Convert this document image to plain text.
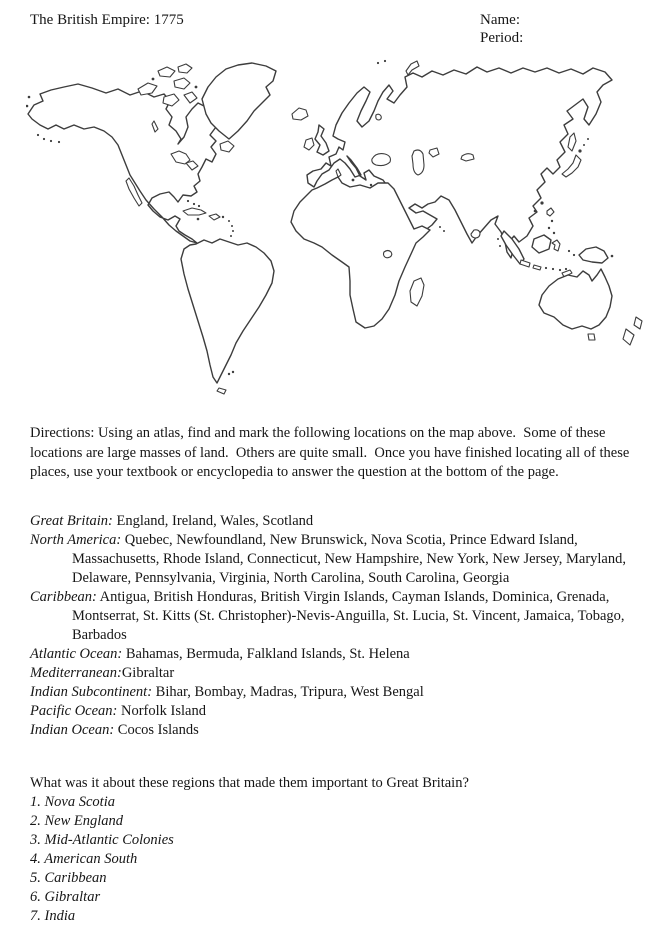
The British Empire: 1775	Name:
Period:
Directions: Using an atlas, find and mark the following locations on the map above.  Some of these locations are large masses of land.  Others are quite small.  Once you have finished locating all of these places, use your textbook or encyclopedia to answer the question at the bottom of the page.
Great Britain: England, Ireland, Wales, Scotland
North America: Quebec, Newfoundland, New Brunswick, Nova Scotia, Prince Edward Island, Massachusetts, Rhode Island, Connecticut, New Hampshire, New York, New Jersey, Maryland, Delaware, Pennsylvania, Virginia, North Carolina, South Carolina, Georgia
Caribbean: Antigua, British Honduras, British Virgin Islands, Cayman Islands, Dominica, Grenada, Montserrat, St. Kitts (St. Christopher)-Nevis-Anguilla, St. Lucia, St. Vincent, Jamaica, Tobago, Barbados
Atlantic Ocean: Bahamas, Bermuda, Falkland Islands, St. Helena
Mediterranean:Gibraltar
Indian Subcontinent: Bihar, Bombay, Madras, Tripura, West Bengal
Pacific Ocean: Norfolk Island
Indian Ocean: Cocos Islands
What was it about these regions that made them important to Great Britain?
1. Nova Scotia
2. New England
3. Mid-Atlantic Colonies
4. American South
5. Caribbean
6. Gibraltar
7. India
